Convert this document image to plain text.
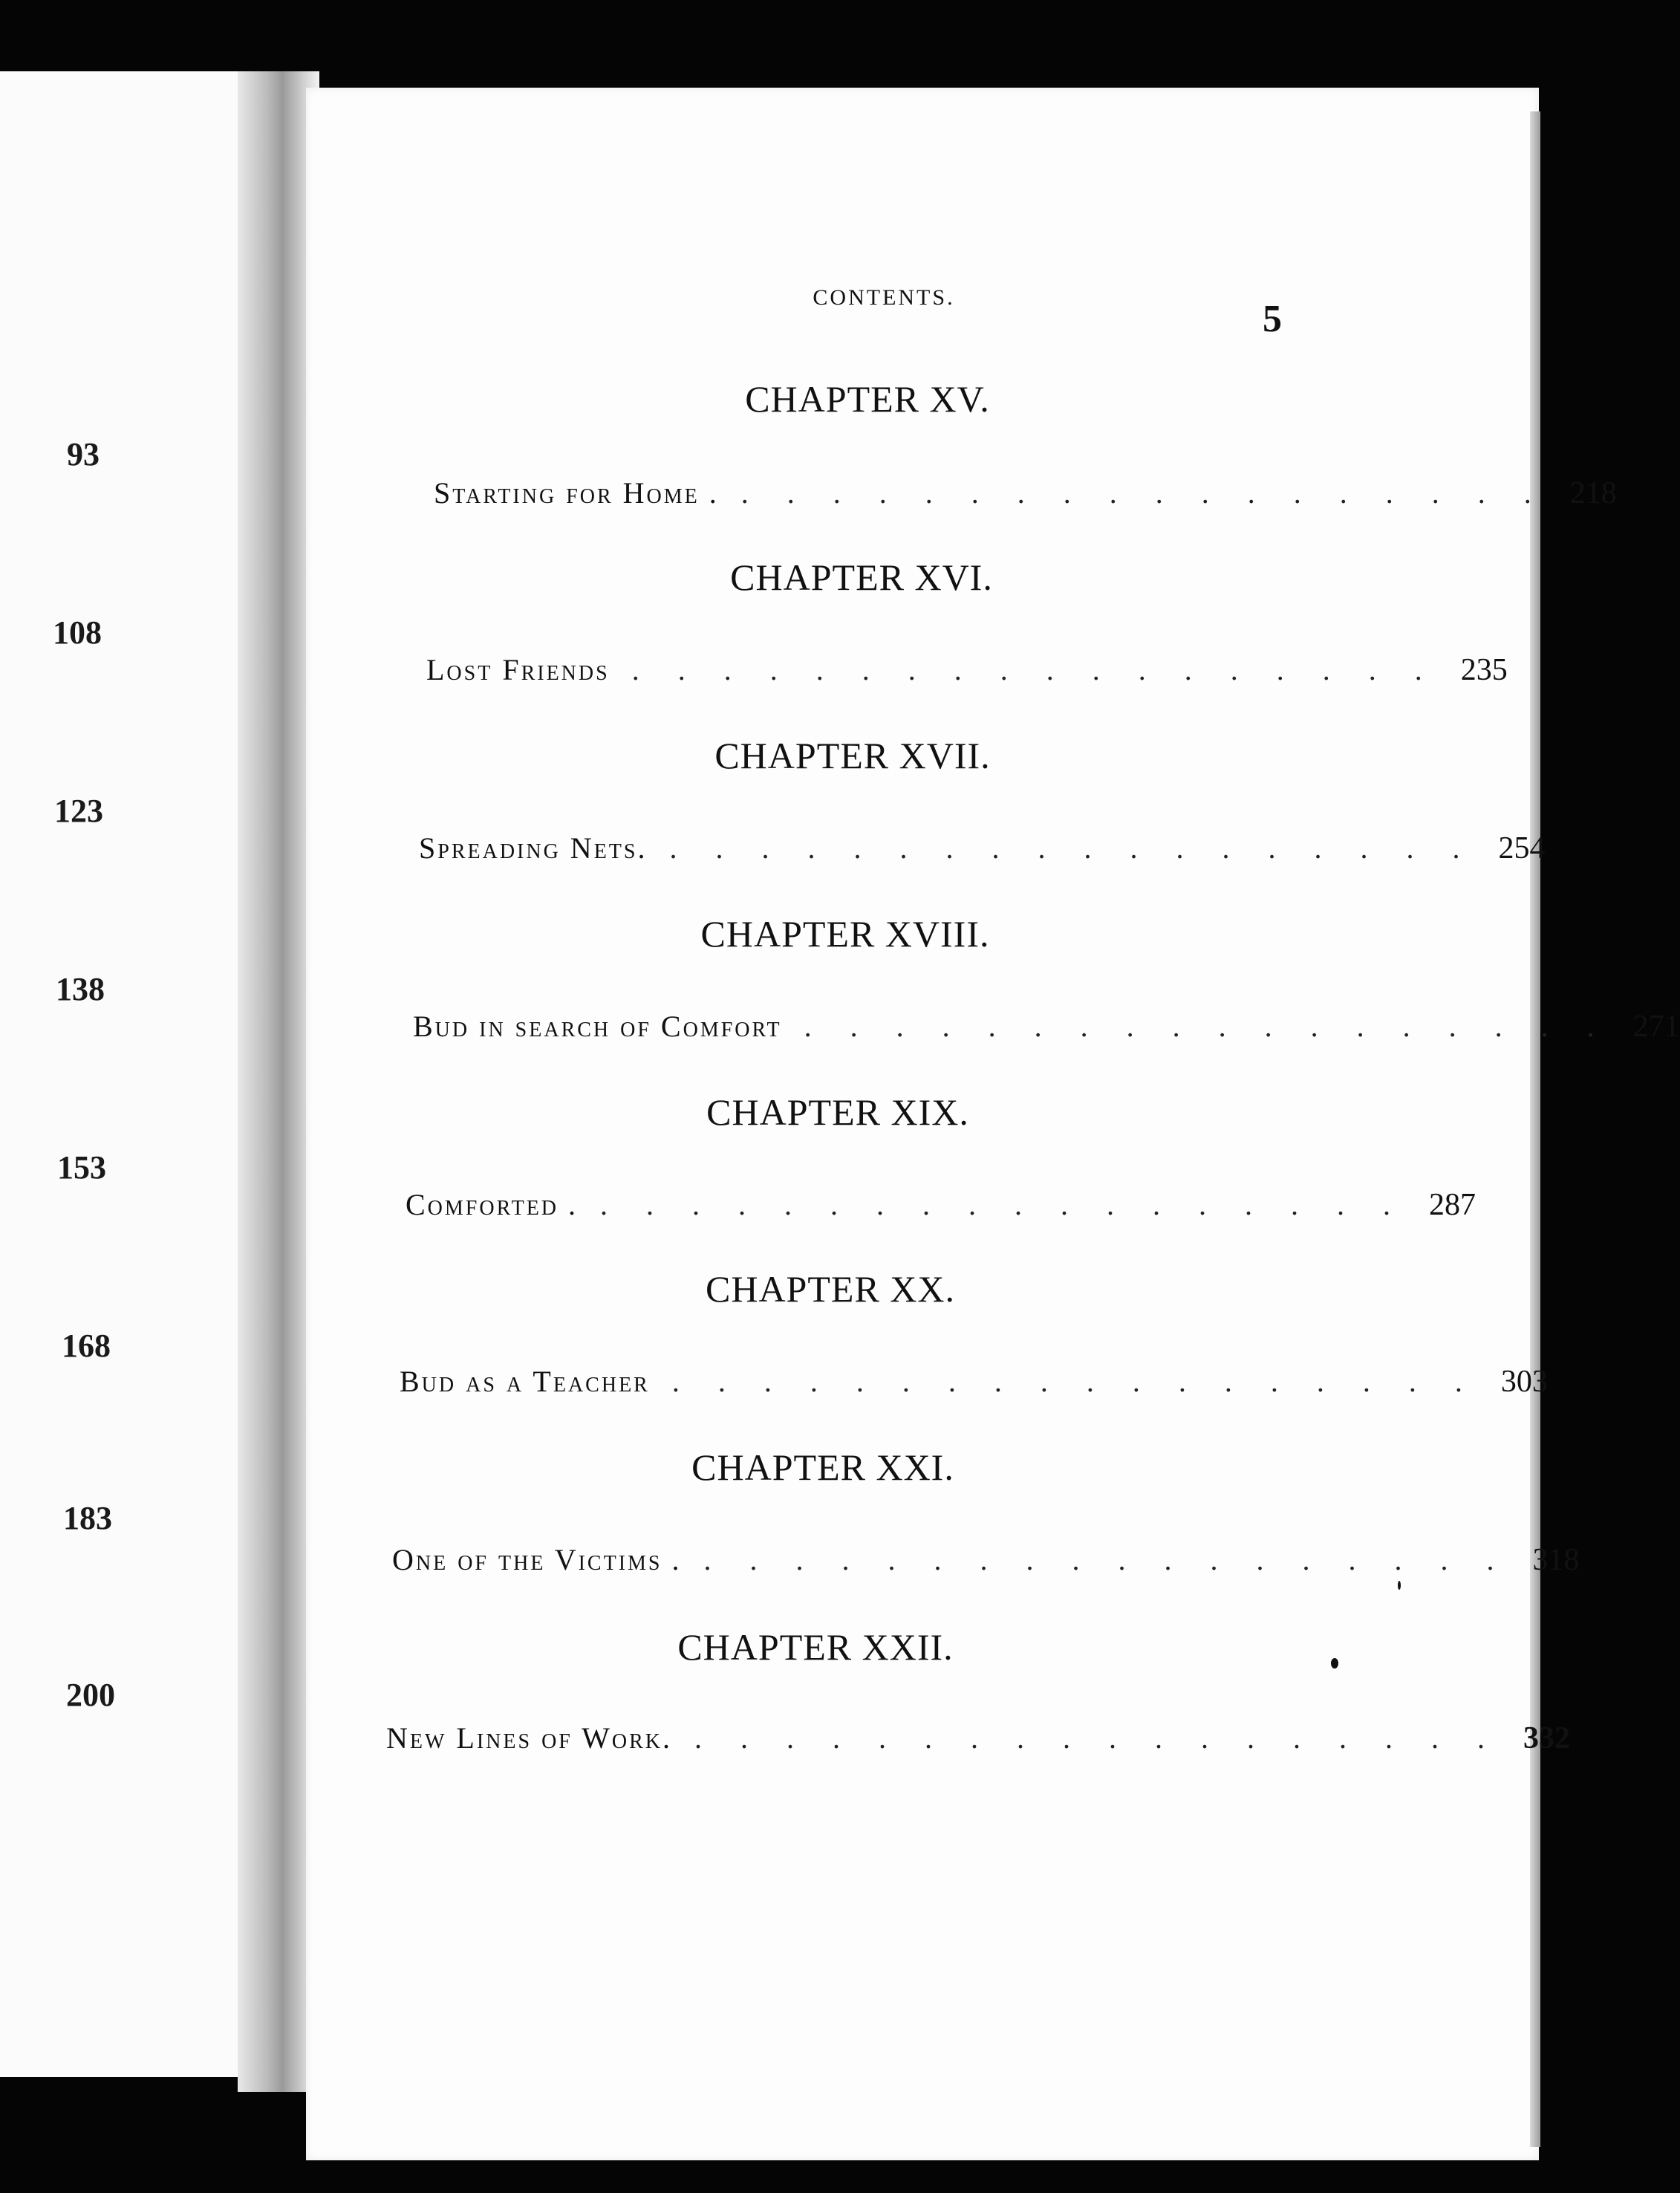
93
108
123
138
153
168
183
200
CONTENTS.
5
CHAPTER XV.
Starting for Home . .................. 218
CHAPTER XVI.
Lost Friends .................. 235
CHAPTER XVII.
Spreading Nets. .................. 254
CHAPTER XVIII.
Bud in search of Comfort .................. 271
CHAPTER XIX.
Comforted . .................. 287
CHAPTER XX.
Bud as a Teacher .................. 303
CHAPTER XXI.
One of the Victims . .................. 318
CHAPTER XXII.
New Lines of Work. .................. 332
